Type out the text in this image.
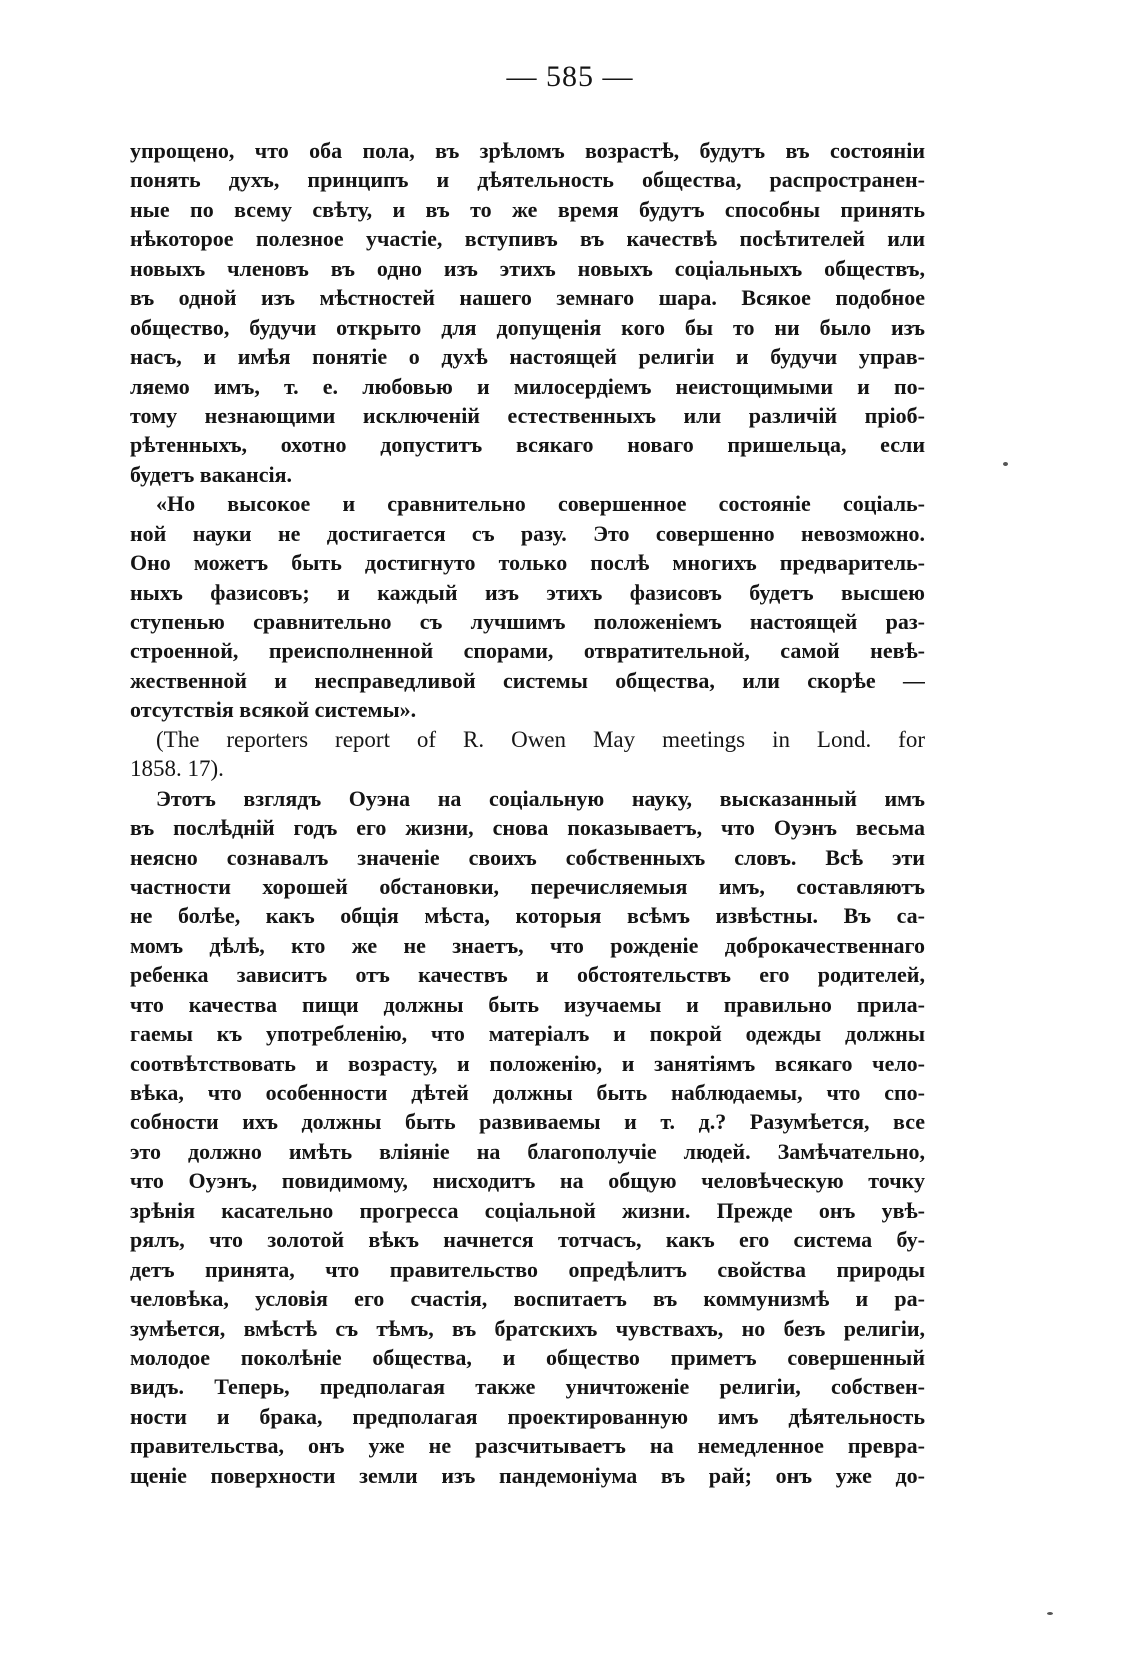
— 585 —
упрощено, что оба пола, въ зрѣломъ возрастѣ, будутъ въ состоянiи
понять духъ, принципъ и дѣятельность общества, распространен-
ные по всему свѣту, и въ то же время будутъ способны принять
нѣкоторое полезное участiе, вступивъ въ качествѣ посѣтителей или
новыхъ членовъ въ одно изъ этихъ новыхъ соцiальныхъ обществъ,
въ одной изъ мѣстностей нашего земнаго шара. Всякое подобное
общество, будучи открыто для допущенiя кого бы то ни было изъ
насъ, и имѣя понятiе о духѣ настоящей религiи и будучи управ-
ляемо имъ, т. е. любовью и милосердiемъ неистощимыми и по-
тому незнающими исключенiй естественныхъ или различiй прiоб-
рѣтенныхъ, охотно допуститъ всякаго новаго пришельца, если
будетъ вакансiя.
«Но высокое и сравнительно совершенное состоянiе соцiаль-
ной науки не достигается съ разу. Это совершенно невозможно.
Оно можетъ быть достигнуто только послѣ многихъ предваритель-
ныхъ фазисовъ; и каждый изъ этихъ фазисовъ будетъ высшею
ступенью сравнительно съ лучшимъ положенiемъ настоящей раз-
строенной, преисполненной спорами, отвратительной, самой невѣ-
жественной и несправедливой системы общества, или скорѣе —
отсутствiя всякой системы».
(The reporters report of R. Owen May meetings in Lond. for
1858. 17).
Этотъ взглядъ Оуэна на соцiальную науку, высказанный имъ
въ послѣднiй годъ его жизни, снова показываетъ, что Оуэнъ весьма
неясно сознавалъ значенiе своихъ собственныхъ словъ. Всѣ эти
частности хорошей обстановки, перечисляемыя имъ, составляютъ
не болѣе, какъ общiя мѣста, которыя всѣмъ извѣстны. Въ са-
момъ дѣлѣ, кто же не знаетъ, что рожденiе доброкачественнаго
ребенка зависитъ отъ качествъ и обстоятельствъ его родителей,
что качества пищи должны быть изучаемы и правильно прила-
гаемы къ употребленiю, что матерiалъ и покрой одежды должны
соотвѣтствовать и возрасту, и положенiю, и занятiямъ всякаго чело-
вѣка, что особенности дѣтей должны быть наблюдаемы, что спо-
собности ихъ должны быть развиваемы и т. д.? Разумѣется, все
это должно имѣть влiянiе на благополучiе людей. Замѣчательно,
что Оуэнъ, повидимому, нисходитъ на общую человѣческую точку
зрѣнiя касательно прогресса соцiальной жизни. Прежде онъ увѣ-
рялъ, что золотой вѣкъ начнется тотчасъ, какъ его система бу-
детъ принята, что правительство опредѣлитъ свойства природы
человѣка, условiя его счастiя, воспитаетъ въ коммунизмѣ и ра-
зумѣется, вмѣстѣ съ тѣмъ, въ братскихъ чувствахъ, но безъ религiи,
молодое поколѣнiе общества, и общество приметъ совершенный
видъ. Теперь, предполагая также уничтоженiе религiи, собствен-
ности и брака, предполагая проектированную имъ дѣятельность
правительства, онъ уже не разсчитываетъ на немедленное превра-
щенiе поверхности земли изъ пандемонiума въ рай; онъ уже до-
